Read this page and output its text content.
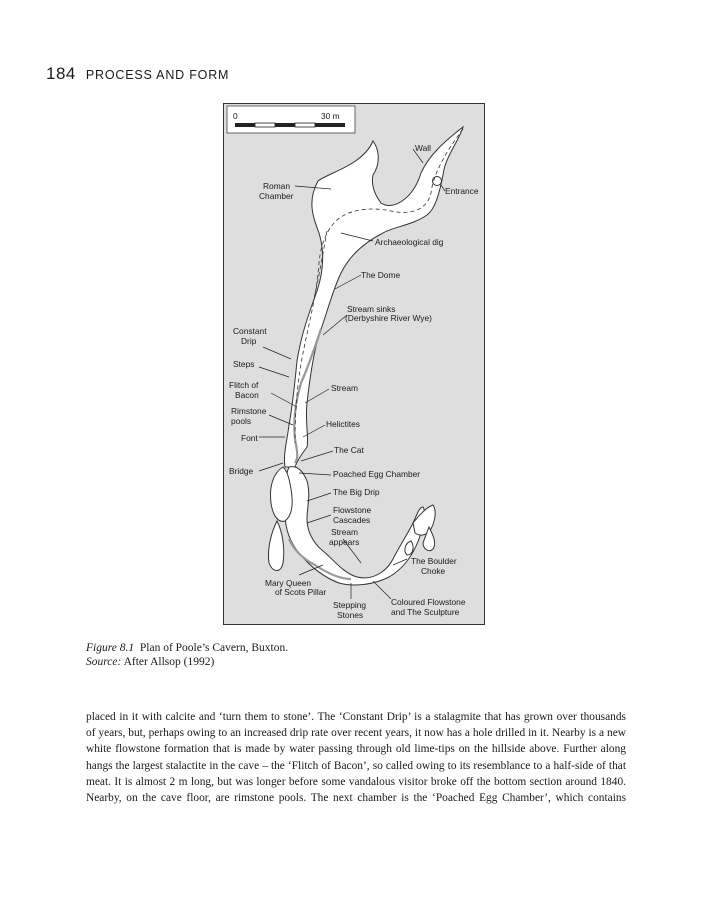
184 PROCESS AND FORM
0	30 m
Wall
Entrance
Roman
Chamber
Archaeological dig
The Dome
Stream sinks
(Derbyshire River Wye)
Constant
Drip
Steps
Flitch of
Bacon
Stream
Rimstone
pools	Helictites
Font
The Cat
Bridge	Poached Egg Chamber
The Big Drip
Flowstone
Cascades
Stream
appears
The Boulder
Choke
Mary Queen
of Scots Pillar
Stepping
Stones
Coloured Flowstone
and The Sculpture
Figure 8.1 Plan of Poole’s Cavern, Buxton.
Source: After Allsop (1992)
placed in it with calcite and ‘turn them to stone’. The ‘Constant Drip’ is a stalagmite that has grown over thousands
of years, but, perhaps owing to an increased drip rate over recent years, it now has a hole drilled in it. Nearby is a new
white flowstone formation that is made by water passing through old lime-tips on the hillside above. Further along
hangs the largest stalactite in the cave – the ‘Flitch of Bacon’, so called owing to its resemblance to a half-side of that
meat. It is almost 2 m long, but was longer before some vandalous visitor broke off the bottom section around 1840.
Nearby, on the cave floor, are rimstone pools. The next chamber is the ‘Poached Egg Chamber’, which contains
